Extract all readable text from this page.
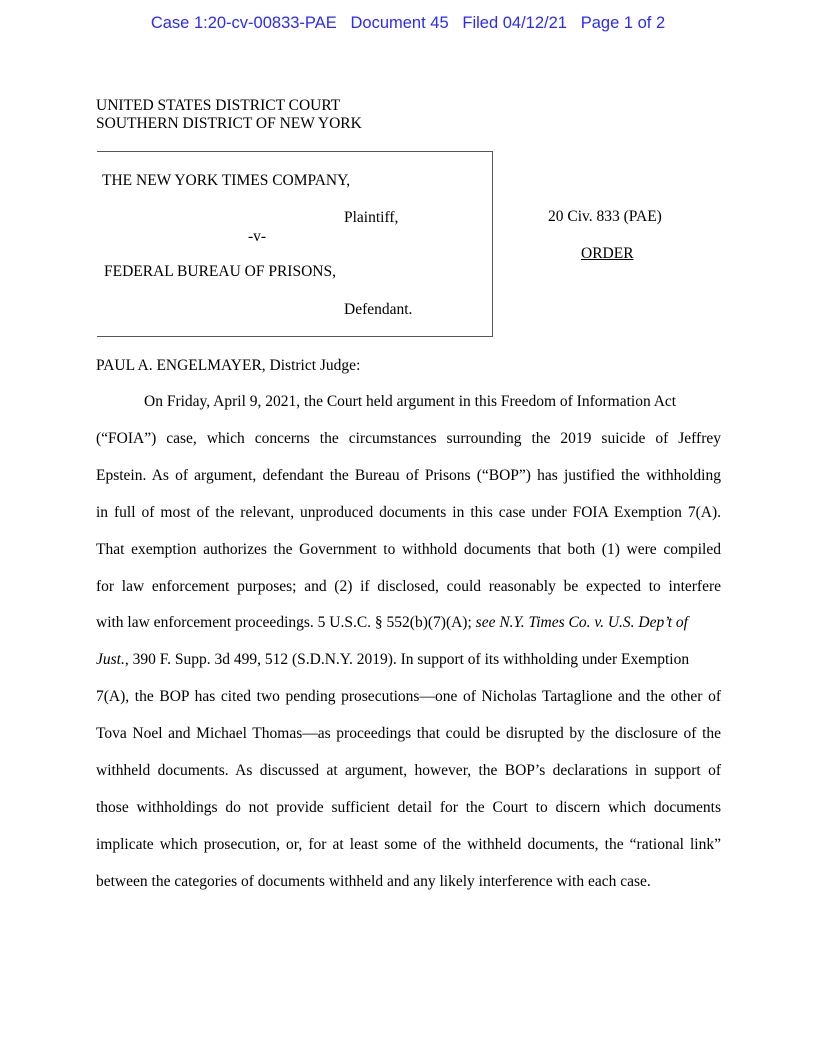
Case 1:20-cv-00833-PAE Document 45 Filed 04/12/21 Page 1 of 2
UNITED STATES DISTRICT COURT
SOUTHERN DISTRICT OF NEW YORK
THE NEW YORK TIMES COMPANY,
Plaintiff,
-v-
FEDERAL BUREAU OF PRISONS,
Defendant.
20 Civ. 833 (PAE)
ORDER
PAUL A. ENGELMAYER, District Judge:
On Friday, April 9, 2021, the Court held argument in this Freedom of Information Act
(“FOIA”) case, which concerns the circumstances surrounding the 2019 suicide of Jeffrey
Epstein. As of argument, defendant the Bureau of Prisons (“BOP”) has justified the withholding
in full of most of the relevant, unproduced documents in this case under FOIA Exemption 7(A).
That exemption authorizes the Government to withhold documents that both (1) were compiled
for law enforcement purposes; and (2) if disclosed, could reasonably be expected to interfere
with law enforcement proceedings. 5 U.S.C. § 552(b)(7)(A); see N.Y. Times Co. v. U.S. Dep’t of
Just., 390 F. Supp. 3d 499, 512 (S.D.N.Y. 2019). In support of its withholding under Exemption
7(A), the BOP has cited two pending prosecutions—one of Nicholas Tartaglione and the other of
Tova Noel and Michael Thomas—as proceedings that could be disrupted by the disclosure of the
withheld documents. As discussed at argument, however, the BOP’s declarations in support of
those withholdings do not provide sufficient detail for the Court to discern which documents
implicate which prosecution, or, for at least some of the withheld documents, the “rational link”
between the categories of documents withheld and any likely interference with each case.
